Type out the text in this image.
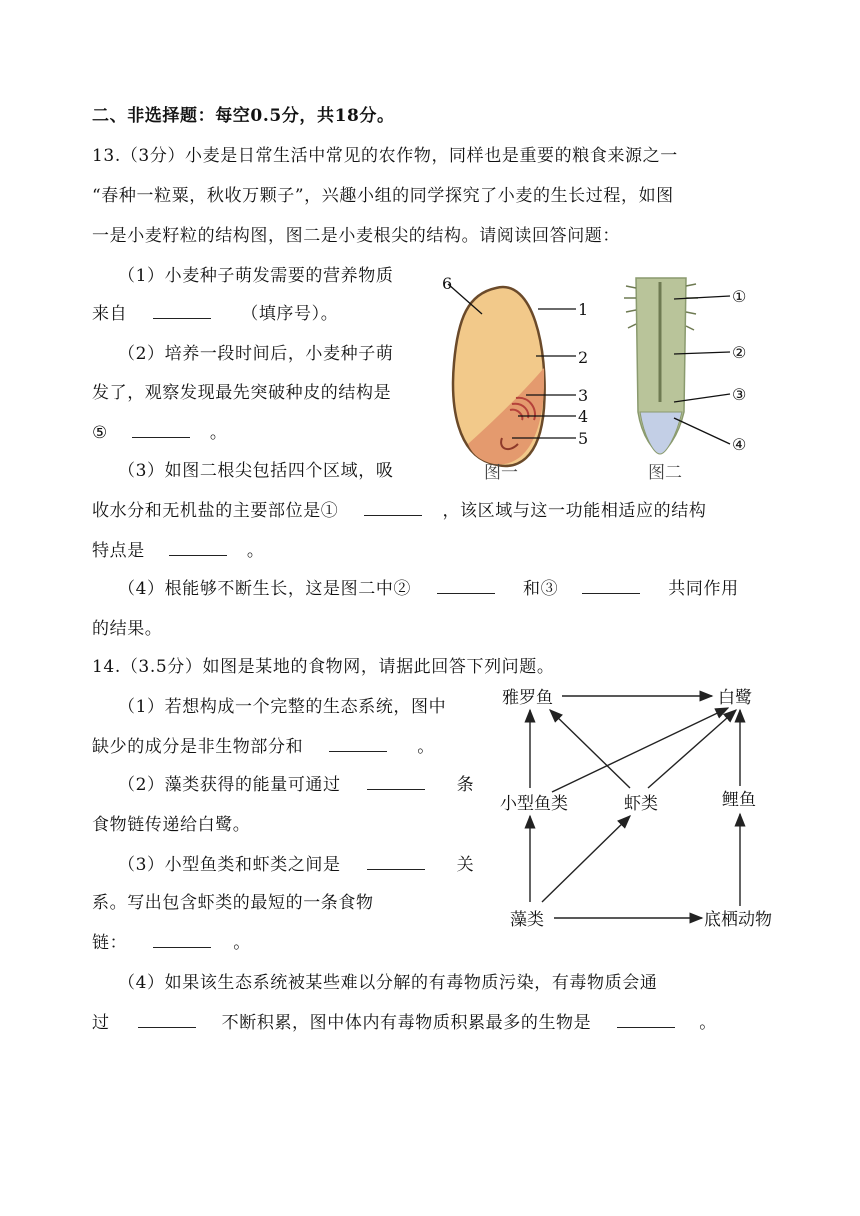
二、非选择题：每空0.5分，共18分。
13.（3分）小麦是日常生活中常见的农作物，同样也是重要的粮食来源之一
“春种一粒粟，秋收万颗子”，兴趣小组的同学探究了小麦的生长过程，如图
一是小麦籽粒的结构图，图二是小麦根尖的结构。请阅读回答问题：
（1）小麦种子萌发需要的营养物质
来自	（填序号）。
（2）培养一段时间后，小麦种子萌
发了，观察发现最先突破种皮的结构是
⑤	。
（3）如图二根尖包括四个区域，吸
收水分和无机盐的主要部位是①	，该区域与这一功能相适应的结构
特点是	。
（4）根能够不断生长，这是图二中②	和③	共同作用
的结果。
6
1
2
3
4
5
图一
①
②
③
④
图二
14.（3.5分）如图是某地的食物网，请据此回答下列问题。
（1）若想构成一个完整的生态系统，图中
缺少的成分是非生物部分和	。
（2）藻类获得的能量可通过	条
食物链传递给白鹭。
（3）小型鱼类和虾类之间是	关
系。写出包含虾类的最短的一条食物
链：	。
（4）如果该生态系统被某些难以分解的有毒物质污染，有毒物质会通
过	不断积累，图中体内有毒物质积累最多的生物是	。
雅罗鱼	白鹭
小型鱼类	虾类	鲤鱼
藻类	底栖动物
